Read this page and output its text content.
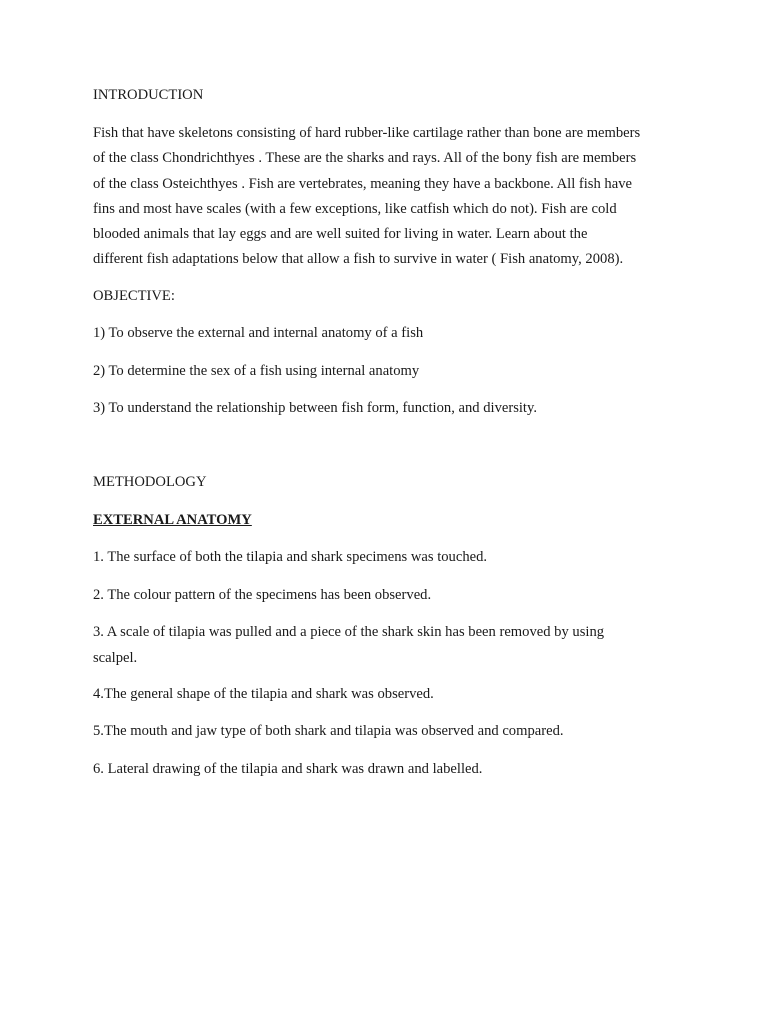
INTRODUCTION
Fish that have skeletons consisting of hard rubber-like cartilage rather than bone are members
of the class Chondrichthyes . These are the sharks and rays. All of the bony fish are members
of the class Osteichthyes . Fish are vertebrates, meaning they have a backbone. All fish have
fins and most have scales (with a few exceptions, like catfish which do not). Fish are cold
blooded animals that lay eggs and are well suited for living in water. Learn about the
different fish adaptations below that allow a fish to survive in water ( Fish anatomy, 2008).
OBJECTIVE:
1) To observe the external and internal anatomy of a fish
2) To determine the sex of a fish using internal anatomy
3) To understand the relationship between fish form, function, and diversity.
METHODOLOGY
EXTERNAL ANATOMY
1. The surface of both the tilapia and shark specimens was touched.
2. The colour pattern of the specimens has been observed.
3. A scale of tilapia was pulled and a piece of the shark skin has been removed by using
scalpel.
4.The general shape of the tilapia and shark was observed.
5.The mouth and jaw type of both shark and tilapia was observed and compared.
6. Lateral drawing of the tilapia and shark was drawn and labelled.
